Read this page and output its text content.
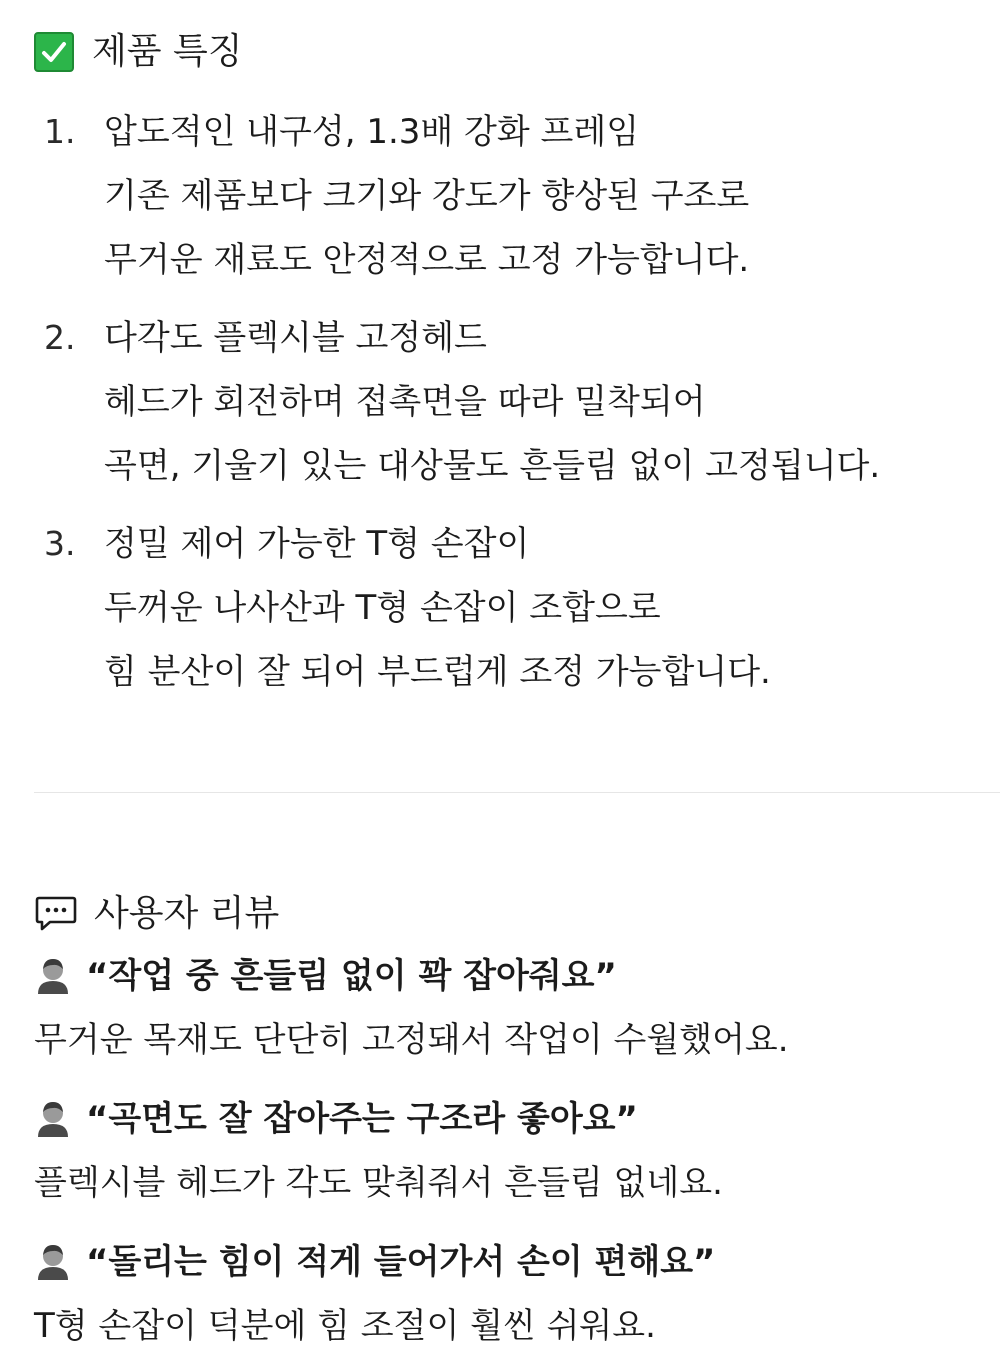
제품 특징
1. 압도적인 내구성, 1.3배 강화 프레임
기존 제품보다 크기와 강도가 향상된 구조로
무거운 재료도 안정적으로 고정 가능합니다.
2. 다각도 플렉시블 고정헤드
헤드가 회전하며 접촉면을 따라 밀착되어
곡면, 기울기 있는 대상물도 흔들림 없이 고정됩니다.
3. 정밀 제어 가능한 T형 손잡이
두꺼운 나사산과 T형 손잡이 조합으로
힘 분산이 잘 되어 부드럽게 조정 가능합니다.
사용자 리뷰
“작업 중 흔들림 없이 꽉 잡아줘요”
무거운 목재도 단단히 고정돼서 작업이 수월했어요.
“곡면도 잘 잡아주는 구조라 좋아요”
플렉시블 헤드가 각도 맞춰줘서 흔들림 없네요.
“돌리는 힘이 적게 들어가서 손이 편해요”
T형 손잡이 덕분에 힘 조절이 훨씬 쉬워요.
